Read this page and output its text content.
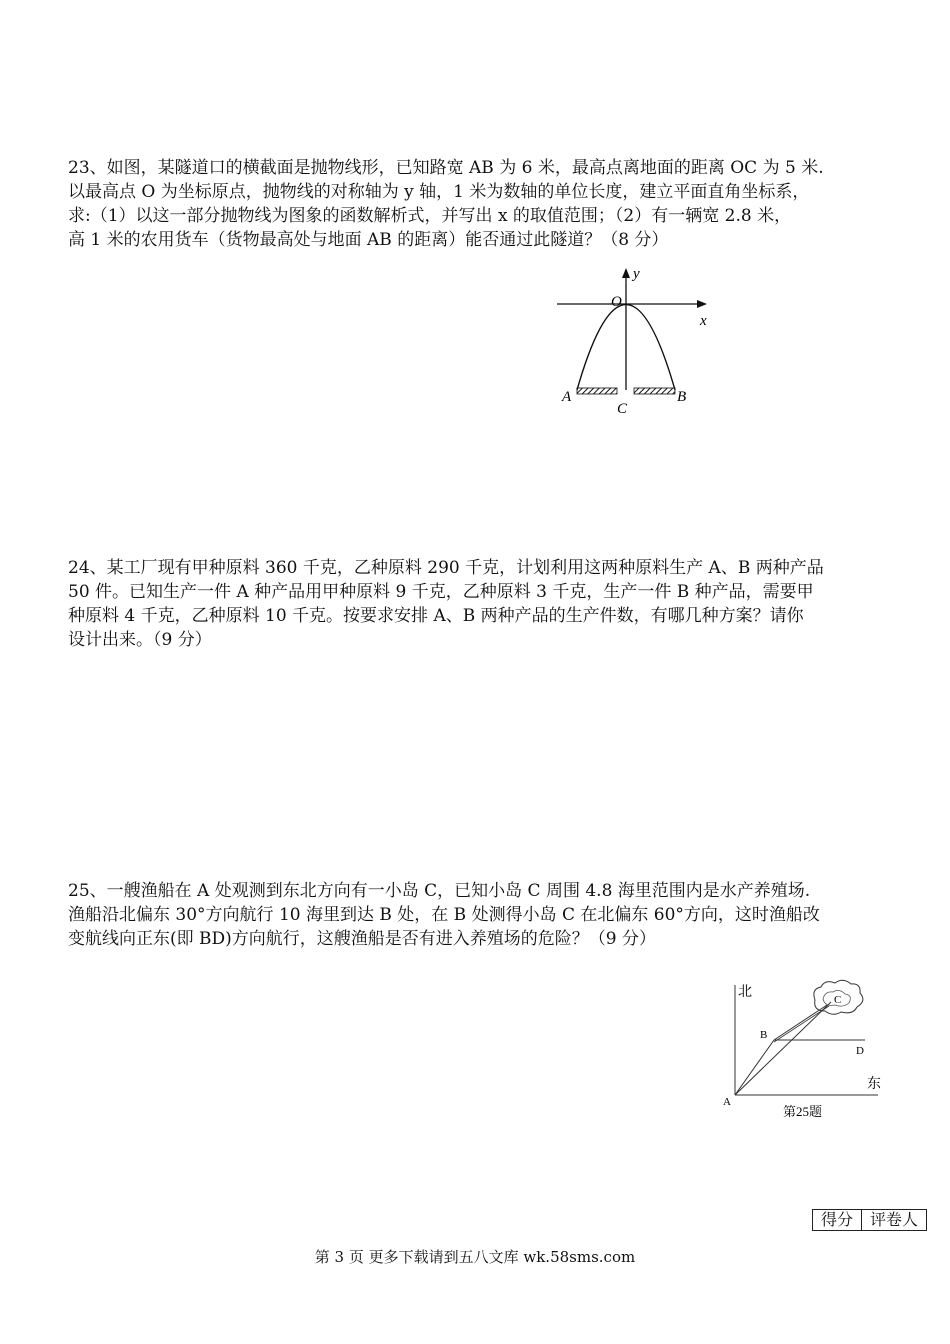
23、如图，某隧道口的横截面是抛物线形，已知路宽 AB 为 6 米，最高点离地面的距离 OC 为 5 米.

以最高点 O 为坐标原点，抛物线的对称轴为 y 轴，1 米为数轴的单位长度，建立平面直角坐标系，

求:（1）以这一部分抛物线为图象的函数解析式，并写出 x 的取值范围；（2）有一辆宽 2.8 米，

高 1 米的农用货车（货物最高处与地面 AB 的距离）能否通过此隧道？（8 分）

y
O
x
A	B
C

24、某工厂现有甲种原料 360 千克，乙种原料 290 千克，计划利用这两种原料生产 A、B 两种产品

50 件。已知生产一件 A 种产品用甲种原料 9 千克，乙种原料 3 千克，生产一件 B 种产品，需要甲

种原料 4 千克，乙种原料 10 千克。按要求安排 A、B 两种产品的生产件数，有哪几种方案？请你

设计出来。（9 分）

25、一艘渔船在 A 处观测到东北方向有一小岛 C，已知小岛 C 周围 4.8 海里范围内是水产养殖场.

渔船沿北偏东 30°方向航行 10 海里到达 B 处，在 B 处测得小岛 C 在北偏东 60°方向，这时渔船改

变航线向正东(即 BD)方向航行，这艘渔船是否有进入养殖场的危险？（9 分）

北
东
A
B
C
D
第25题
得分	评卷人
第 3 页 更多下载请到五八文库 wk.58sms.com
